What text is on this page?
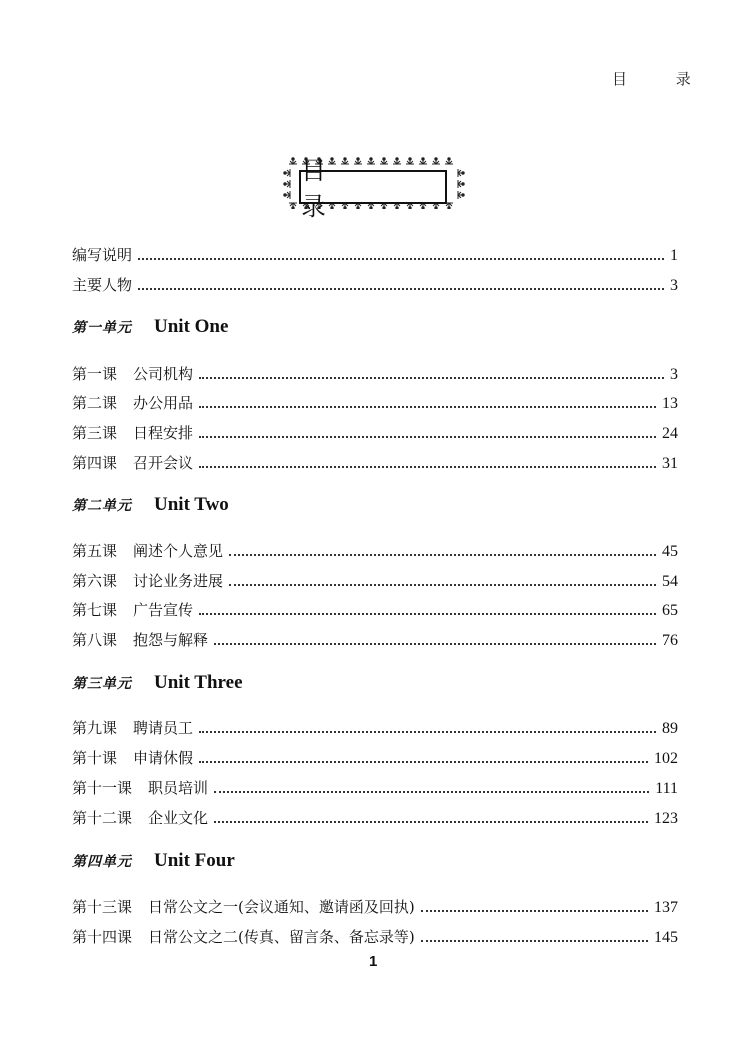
目 录
目 录
编写说明	1
主要人物	3
第一单元 Unit One
第一课 公司机构	3
第二课 办公用品	13
第三课 日程安排	24
第四课 召开会议	31
第二单元 Unit Two
第五课 阐述个人意见	45
第六课 讨论业务进展	54
第七课 广告宣传	65
第八课 抱怨与解释	76
第三单元 Unit Three
第九课 聘请员工	89
第十课 申请休假	102
第十一课 职员培训	111
第十二课 企业文化	123
第四单元 Unit Four
第十三课 日常公文之一(会议通知、邀请函及回执)	137
第十四课 日常公文之二(传真、留言条、备忘录等)	145
1
